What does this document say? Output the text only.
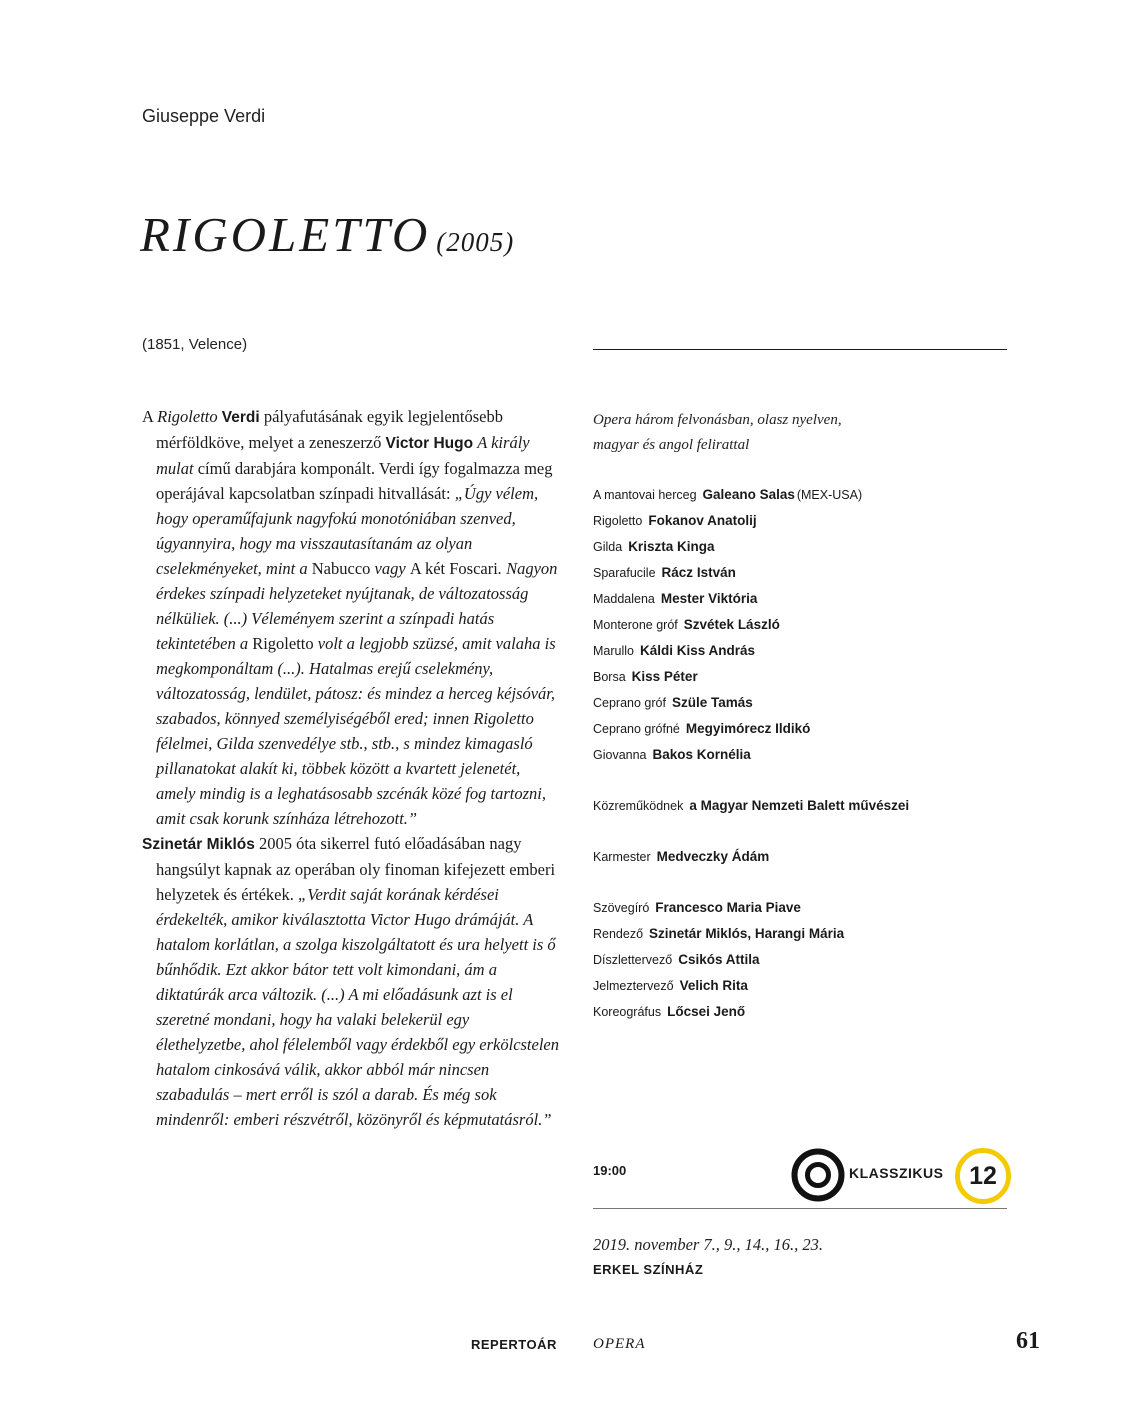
Giuseppe Verdi
RIGOLETTO (2005)
(1851, Velence)

A Rigoletto Verdi pályafutásának egyik legjelentősebb mérföldköve, melyet a zeneszerző Victor Hugo A király mulat című darabjára komponált. Verdi így fogalmazza meg operájával kapcsolatban színpadi hitvallását: „Úgy vélem, hogy operaműfajunk nagyfokú monotóniában szenved, úgyannyira, hogy ma visszautasítanám az olyan cselekményeket, mint a Nabucco vagy A két Foscari. Nagyon érdekes színpadi helyzeteket nyújtanak, de változatosság nélküliek. (...) Véleményem szerint a színpadi hatás tekintetében a Rigoletto volt a legjobb szüzsé, amit valaha is megkomponáltam (...). Hatalmas erejű cselekmény, változatosság, lendület, pátosz: és mindez a herceg kéjsóvár, szabados, könnyed személyiségéből ered; innen Rigoletto félelmei, Gilda szenvedélye stb., stb., s mindez kimagasló pillanatokat alakít ki, többek között a kvartett jelenetét, amely mindig is a leghatásosabb szcénák közé fog tartozni, amit csak korunk színháza létrehozott.”

Szinetár Miklós 2005 óta sikerrel futó előadásában nagy hangsúlyt kapnak az operában oly finoman kifejezett emberi helyzetek és értékek. „Verdit saját korának kérdései érdekelték, amikor kiválasztotta Victor Hugo drámáját. A hatalom korlátlan, a szolga kiszolgáltatott és ura helyett is ő bűnhődik. Ezt akkor bátor tett volt kimondani, ám a diktatúrák arca változik. (...) A mi előadásunk azt is el szeretné mondani, hogy ha valaki belekerül egy élethelyzetbe, ahol félelemből vagy érdekből egy erkölcstelen hatalom cinkosává válik, akkor abból már nincsen szabadulás – mert erről is szól a darab. És még sok mindenről: emberi részvétről, közönyről és képmutatásról.”

Opera három felvonásban, olasz nyelven,
magyar és angol felirattal
A mantovai herceg Galeano Salas (MEX-USA)
Rigoletto Fokanov Anatolij
Gilda Kriszta Kinga
Sparafucile Rácz István
Maddalena Mester Viktória
Monterone gróf Szvétek László
Marullo Káldi Kiss András
Borsa Kiss Péter
Ceprano gróf Szüle Tamás
Ceprano grófné Megyimórecz Ildikó
Giovanna Bakos Kornélia
Közreműködnek a Magyar Nemzeti Balett művészei
Karmester Medveczky Ádám
Szövegíró Francesco Maria Piave
Rendező Szinetár Miklós, Harangi Mária
Díszlettervező Csikós Attila
Jelmeztervező Velich Rita
Koreográfus Lőcsei Jenő
19:00	KLASSZIKUS	12
2019. november 7., 9., 14., 16., 23.
ERKEL SZÍNHÁZ
REPERTOÁR OPERA	61
